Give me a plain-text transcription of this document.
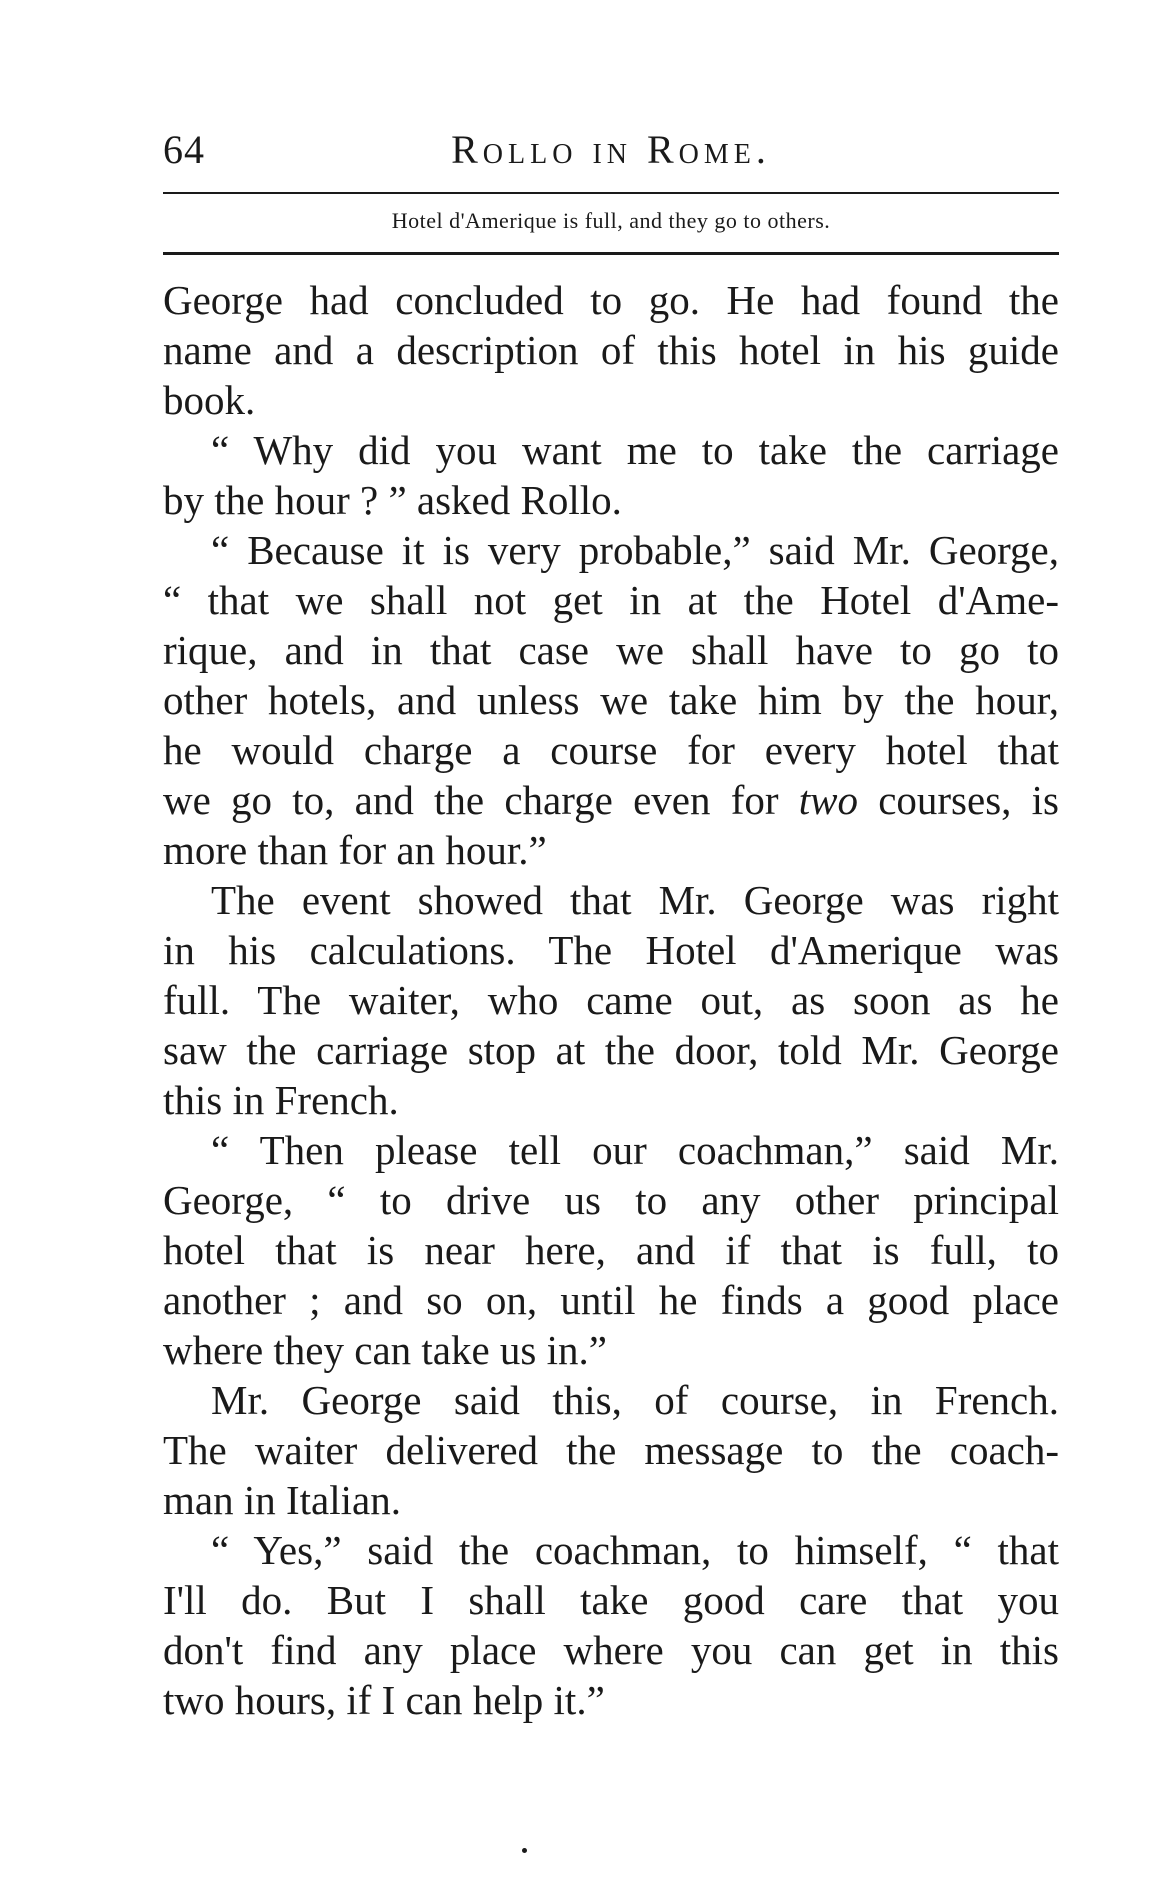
64	Rollo in Rome.
Hotel d'Amerique is full, and they go to others.
George had concluded to go. He had found the
name and a description of this hotel in his guide
book.
“ Why did you want me to take the carriage
by the hour ? ” asked Rollo.
“ Because it is very probable,” said Mr. George,
“ that we shall not get in at the Hotel d'Ame-
rique, and in that case we shall have to go to
other hotels, and unless we take him by the hour,
he would charge a course for every hotel that
we go to, and the charge even for two courses, is
more than for an hour.”
The event showed that Mr. George was right
in his calculations. The Hotel d'Amerique was
full. The waiter, who came out, as soon as he
saw the carriage stop at the door, told Mr. George
this in French.
“ Then please tell our coachman,” said Mr.
George, “ to drive us to any other principal
hotel that is near here, and if that is full, to
another ; and so on, until he finds a good place
where they can take us in.”
Mr. George said this, of course, in French.
The waiter delivered the message to the coach-
man in Italian.
“ Yes,” said the coachman, to himself, “ that
I'll do. But I shall take good care that you
don't find any place where you can get in this
two hours, if I can help it.”
